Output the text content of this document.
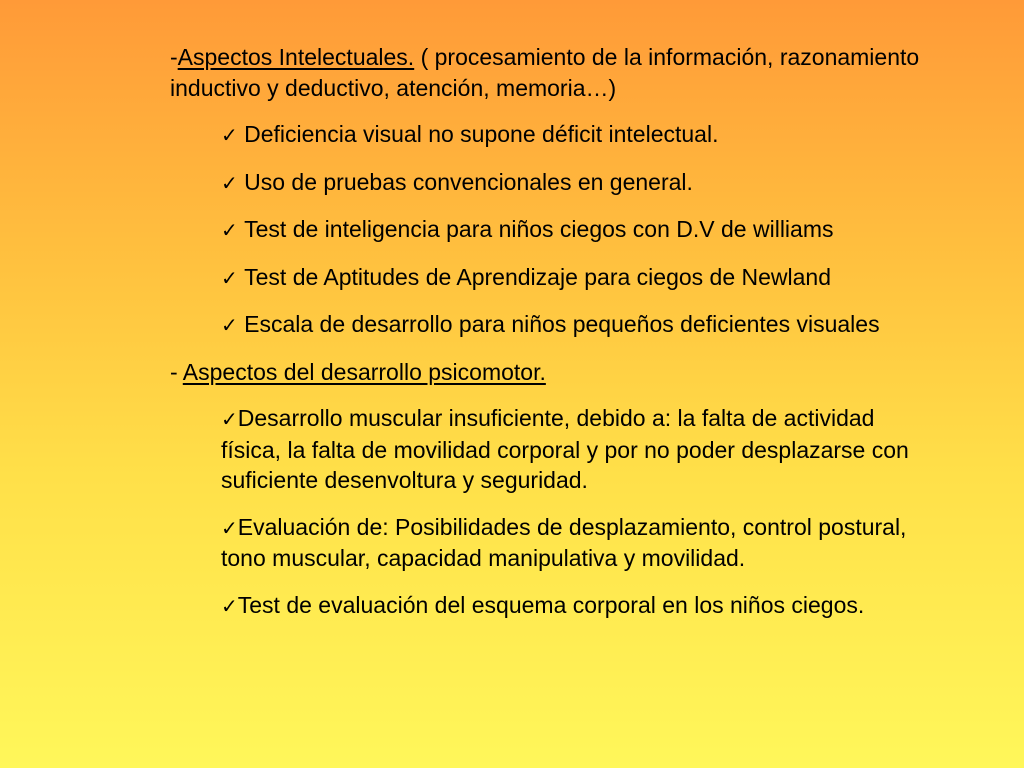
-Aspectos Intelectuales. ( procesamiento de la información, razonamiento inductivo y deductivo, atención, memoria…)

✓ Deficiencia visual no supone déficit intelectual.

✓ Uso de pruebas convencionales en general.

✓ Test de inteligencia para niños ciegos con D.V de williams

✓ Test de Aptitudes de Aprendizaje para ciegos de Newland

✓ Escala de desarrollo para niños pequeños deficientes visuales

- Aspectos del desarrollo psicomotor.

✓Desarrollo muscular insuficiente, debido a: la falta de actividad física, la falta de movilidad corporal y por no poder desplazarse con suficiente desenvoltura y seguridad.

✓Evaluación de: Posibilidades de desplazamiento, control postural, tono muscular, capacidad manipulativa y movilidad.

✓Test de evaluación del esquema corporal en los niños ciegos.
